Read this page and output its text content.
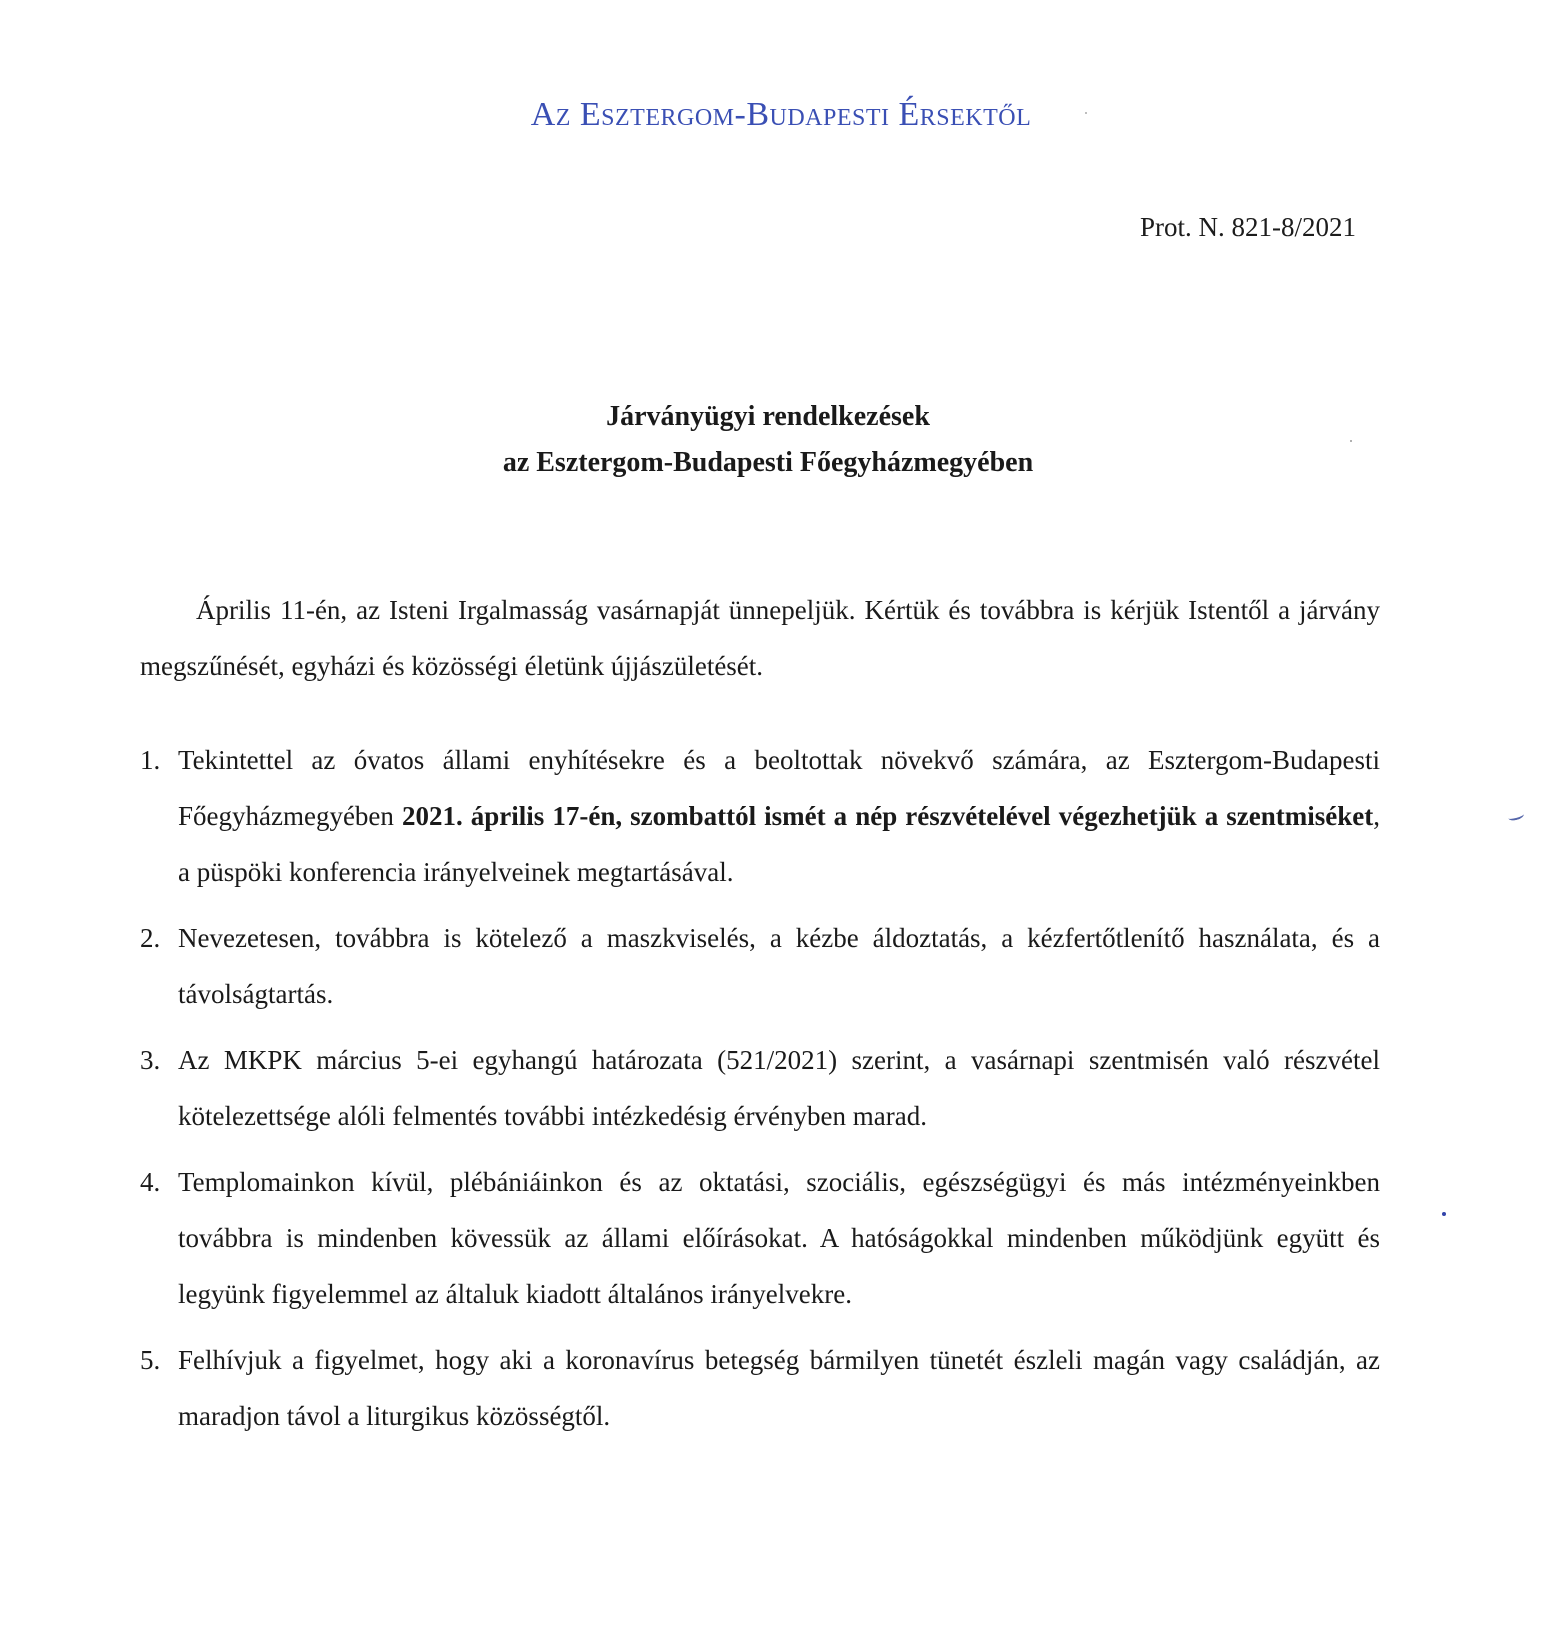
Az Esztergom-Budapesti Érsektől
Prot. N. 821-8/2021
Járványügyi rendelkezések
az Esztergom-Budapesti Főegyházmegyében

Április 11-én, az Isteni Irgalmasság vasárnapját ünnepeljük. Kértük és továbbra is kérjük Istentől a járvány megszűnését, egyházi és közösségi életünk újjászületését.

1. Tekintettel az óvatos állami enyhítésekre és a beoltottak növekvő számára, az Esztergom-Budapesti Főegyházmegyében 2021. április 17-én, szombattól ismét a nép részvételével végezhetjük a szentmiséket, a püspöki konferencia irányelveinek megtartásával.
2. Nevezetesen, továbbra is kötelező a maszkviselés, a kézbe áldoztatás, a kézfertőtlenítő használata, és a távolságtartás.
3. Az MKPK március 5-ei egyhangú határozata (521/2021) szerint, a vasárnapi szentmisén való részvétel kötelezettsége alóli felmentés további intézkedésig érvényben marad.
4. Templomainkon kívül, plébániáinkon és az oktatási, szociális, egészségügyi és más intézményeinkben továbbra is mindenben kövessük az állami előírásokat. A hatóságokkal mindenben működjünk együtt és legyünk figyelemmel az általuk kiadott általános irányelvekre.
5. Felhívjuk a figyelmet, hogy aki a koronavírus betegség bármilyen tünetét észleli magán vagy családján, az maradjon távol a liturgikus közösségtől.
